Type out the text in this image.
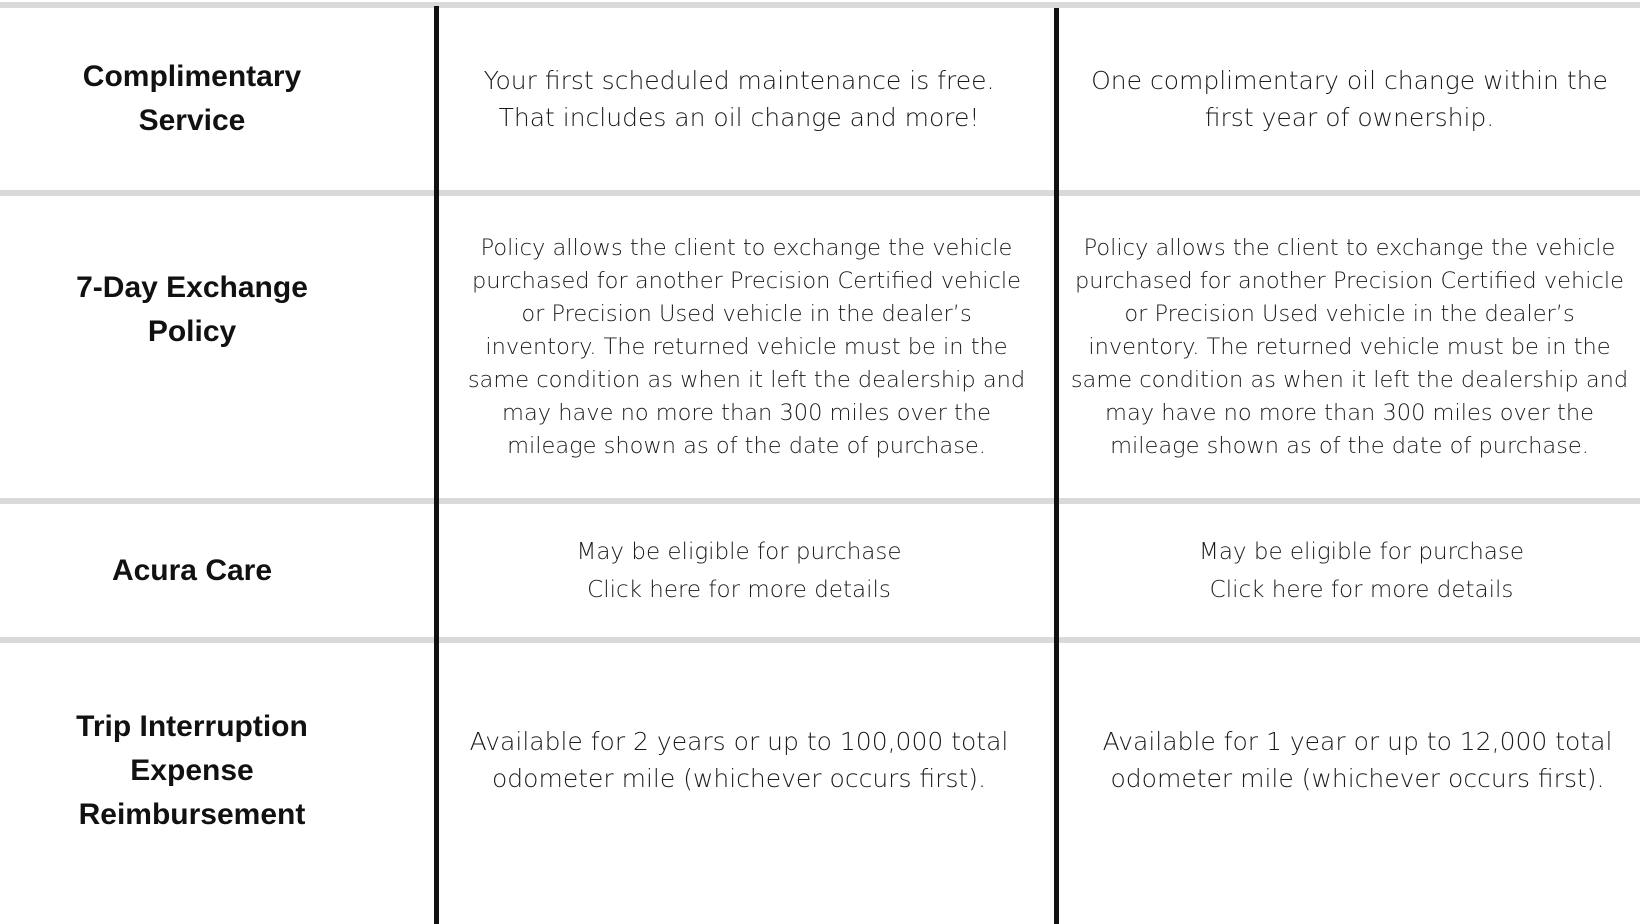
Complimentary
Service
Your first scheduled maintenance is free.
That includes an oil change and more!
One complimentary oil change within the
first year of ownership.
7-Day Exchange
Policy
Policy allows the client to exchange the vehicle
purchased for another Precision Certified vehicle
or Precision Used vehicle in the dealer’s
inventory. The returned vehicle must be in the
same condition as when it left the dealership and
may have no more than 300 miles over the
mileage shown as of the date of purchase.
Policy allows the client to exchange the vehicle
purchased for another Precision Certified vehicle
or Precision Used vehicle in the dealer’s
inventory. The returned vehicle must be in the
same condition as when it left the dealership and
may have no more than 300 miles over the
mileage shown as of the date of purchase.
Acura Care
May be eligible for purchase
Click here for more details
May be eligible for purchase
Click here for more details
Trip Interruption
Expense
Reimbursement
Available for 2 years or up to 100,000 total
odometer mile (whichever occurs first).
Available for 1 year or up to 12,000 total
odometer mile (whichever occurs first).
